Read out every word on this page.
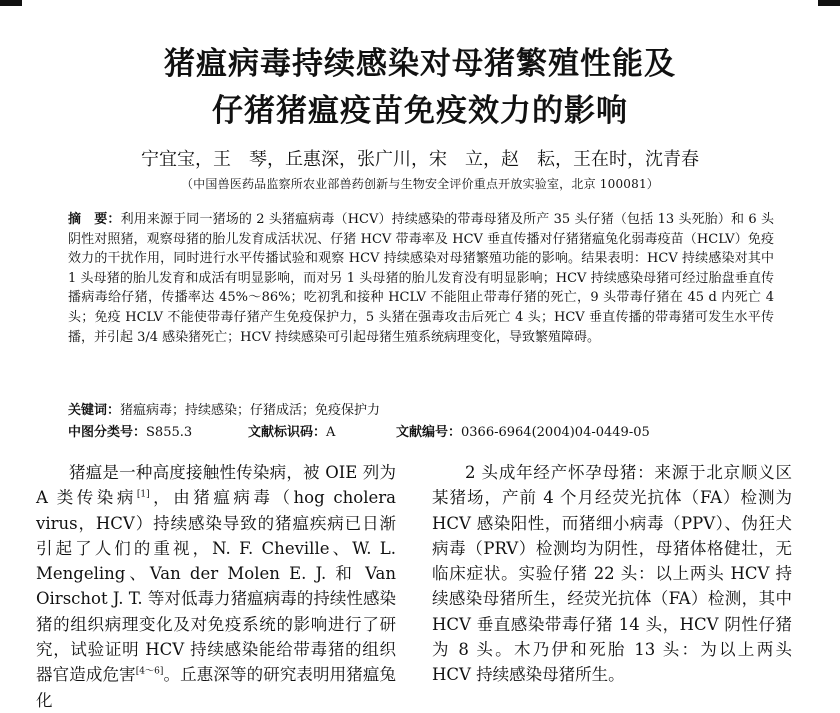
猪瘟病毒持续感染对母猪繁殖性能及
仔猪猪瘟疫苗免疫效力的影响

宁宜宝，王　琴，丘惠深，张广川，宋　立，赵　耘，王在时，沈青春

（中国兽医药品监察所农业部兽药创新与生物安全评价重点开放实验室，北京 100081）

摘　要：利用来源于同一猪场的 2 头猪瘟病毒（HCV）持续感染的带毒母猪及所产 35 头仔猪（包括 13 头死胎）和 6 头阴性对照猪，观察母猪的胎儿发育成活状况、仔猪 HCV 带毒率及 HCV 垂直传播对仔猪猪瘟兔化弱毒疫苗（HCLV）免疫效力的干扰作用，同时进行水平传播试验和观察 HCV 持续感染对母猪繁殖功能的影响。结果表明：HCV 持续感染对其中 1 头母猪的胎儿发育和成活有明显影响，而对另 1 头母猪的胎儿发育没有明显影响；HCV 持续感染母猪可经过胎盘垂直传播病毒给仔猪，传播率达 45%～86%；吃初乳和接种 HCLV 不能阻止带毒仔猪的死亡，9 头带毒仔猪在 45 d 内死亡 4 头；免疫 HCLV 不能使带毒仔猪产生免疫保护力，5 头猪在强毒攻击后死亡 4 头；HCV 垂直传播的带毒猪可发生水平传播，并引起 3/4 感染猪死亡；HCV 持续感染可引起母猪生殖系统病理变化，导致繁殖障碍。

关键词：猪瘟病毒；持续感染；仔猪成活；免疫保护力

中图分类号：S855.3	文献标识码：A	文献编号：0366-6964(2004)04-0449-05

猪瘟是一种高度接触性传染病，被 OIE 列为 A 类传染病[1]，由猪瘟病毒（hog cholera virus，HCV）持续感染导致的猪瘟疾病已日渐引起了人们的重视，N. F. Cheville、W. L. Mengeling、Van der Molen E. J. 和 Van Oirschot J. T. 等对低毒力猪瘟病毒的持续性感染猪的组织病理变化及对免疫系统的影响进行了研究，试验证明 HCV 持续感染能给带毒猪的组织器官造成危害[4～6]。丘惠深等的研究表明用猪瘟兔化

2 头成年经产怀孕母猪：来源于北京顺义区某猪场，产前 4 个月经荧光抗体（FA）检测为 HCV 感染阳性，而猪细小病毒（PPV）、伪狂犬病毒（PRV）检测均为阴性，母猪体格健壮，无临床症状。实验仔猪 22 头：以上两头 HCV 持续感染母猪所生，经荧光抗体（FA）检测，其中 HCV 垂直感染带毒仔猪 14 头，HCV 阴性仔猪为 8 头。木乃伊和死胎 13 头：为以上两头 HCV 持续感染母猪所生。
